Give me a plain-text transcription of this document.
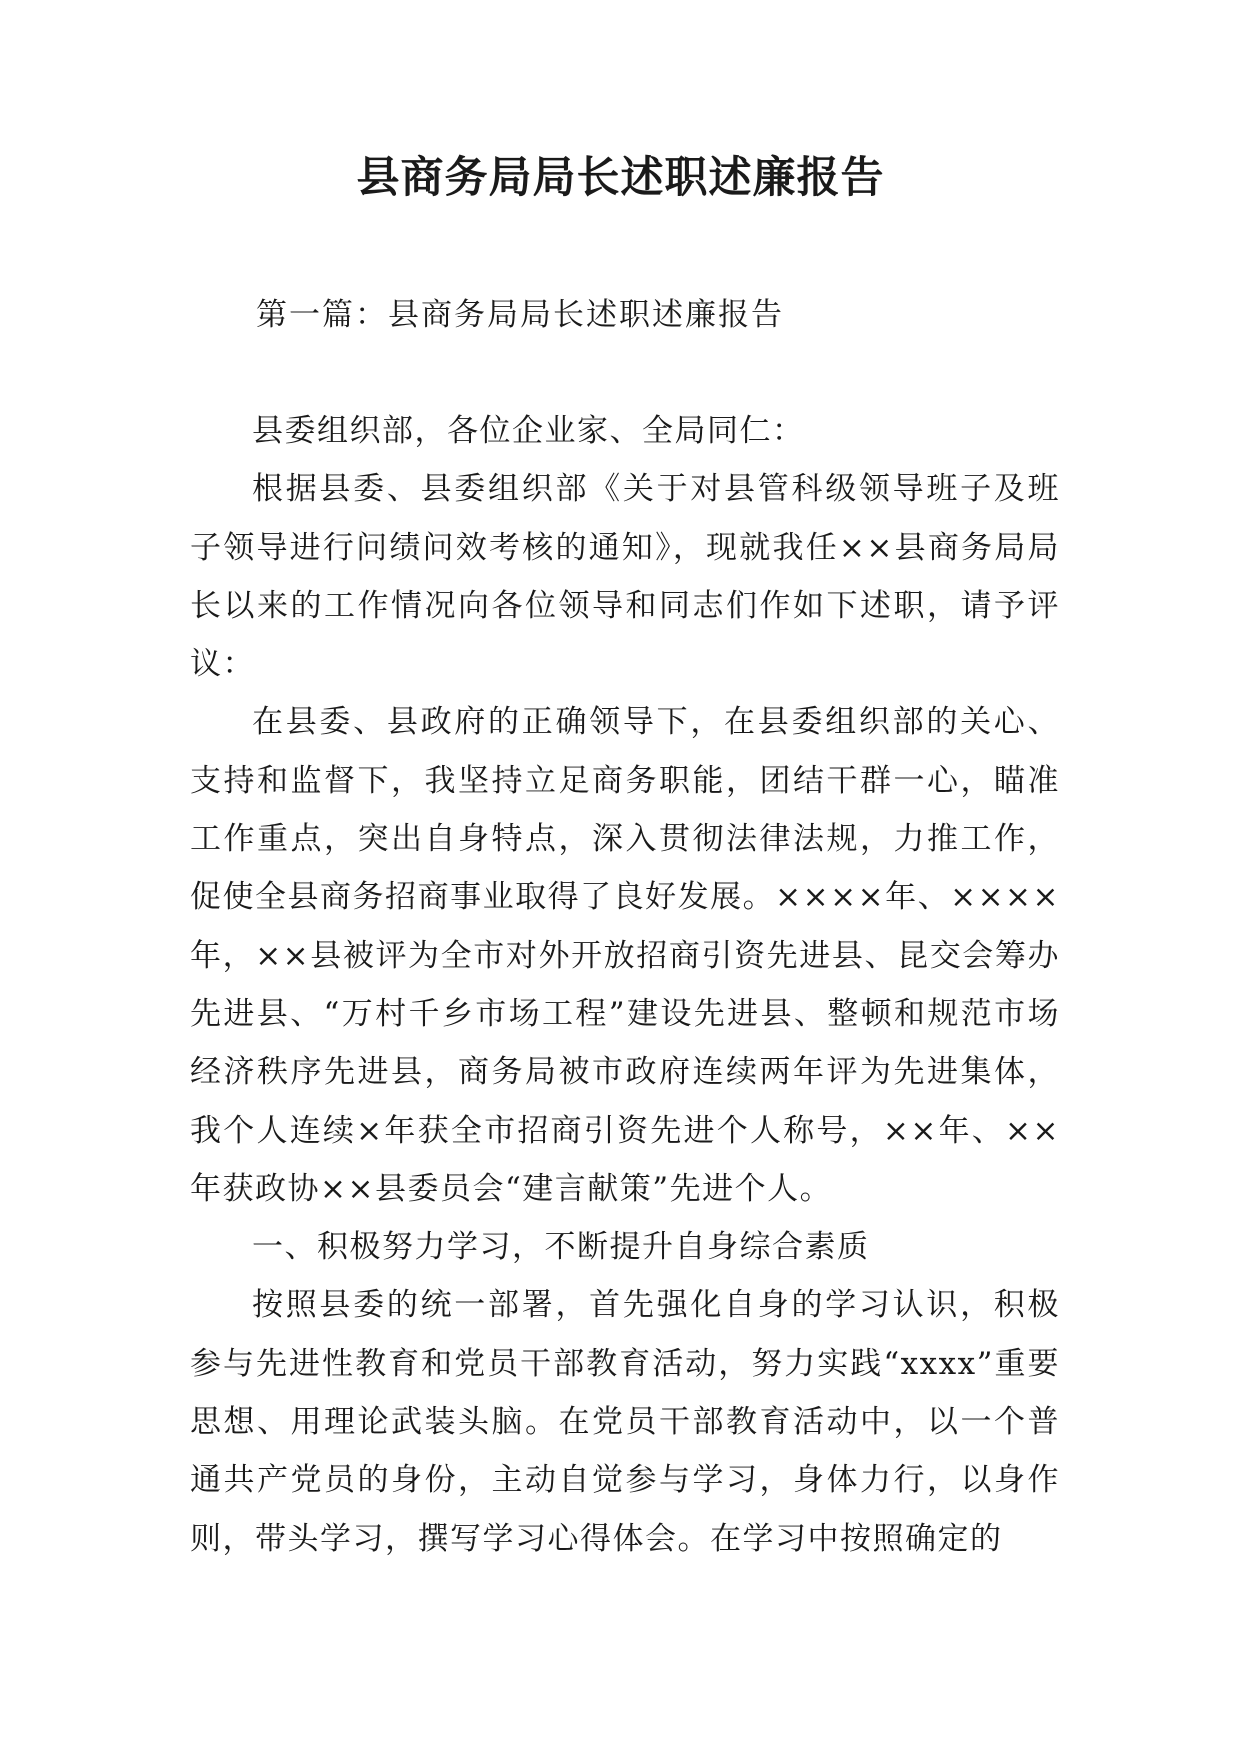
县商务局局长述职述廉报告

第一篇：县商务局局长述职述廉报告

县委组织部，各位企业家、全局同仁：

根据县委、县委组织部《关于对县管科级领导班子及班子领导进行问绩问效考核的通知》，现就我任××县商务局局长以来的工作情况向各位领导和同志们作如下述职，请予评议：

在县委、县政府的正确领导下，在县委组织部的关心、支持和监督下，我坚持立足商务职能，团结干群一心，瞄准工作重点，突出自身特点，深入贯彻法律法规，力推工作，促使全县商务招商事业取得了良好发展。××××年、××××年，××县被评为全市对外开放招商引资先进县、昆交会筹办先进县、“万村千乡市场工程”建设先进县、整顿和规范市场经济秩序先进县，商务局被市政府连续两年评为先进集体，我个人连续×年获全市招商引资先进个人称号，××年、××年获政协××县委员会“建言献策”先进个人。

一、积极努力学习，不断提升自身综合素质

按照县委的统一部署，首先强化自身的学习认识，积极参与先进性教育和党员干部教育活动，努力实践“xxxx”重要思想、用理论武装头脑。在党员干部教育活动中，以一个普通共产党员的身份，主动自觉参与学习，身体力行，以身作则，带头学习，撰写学习心得体会。在学习中按照确定的
